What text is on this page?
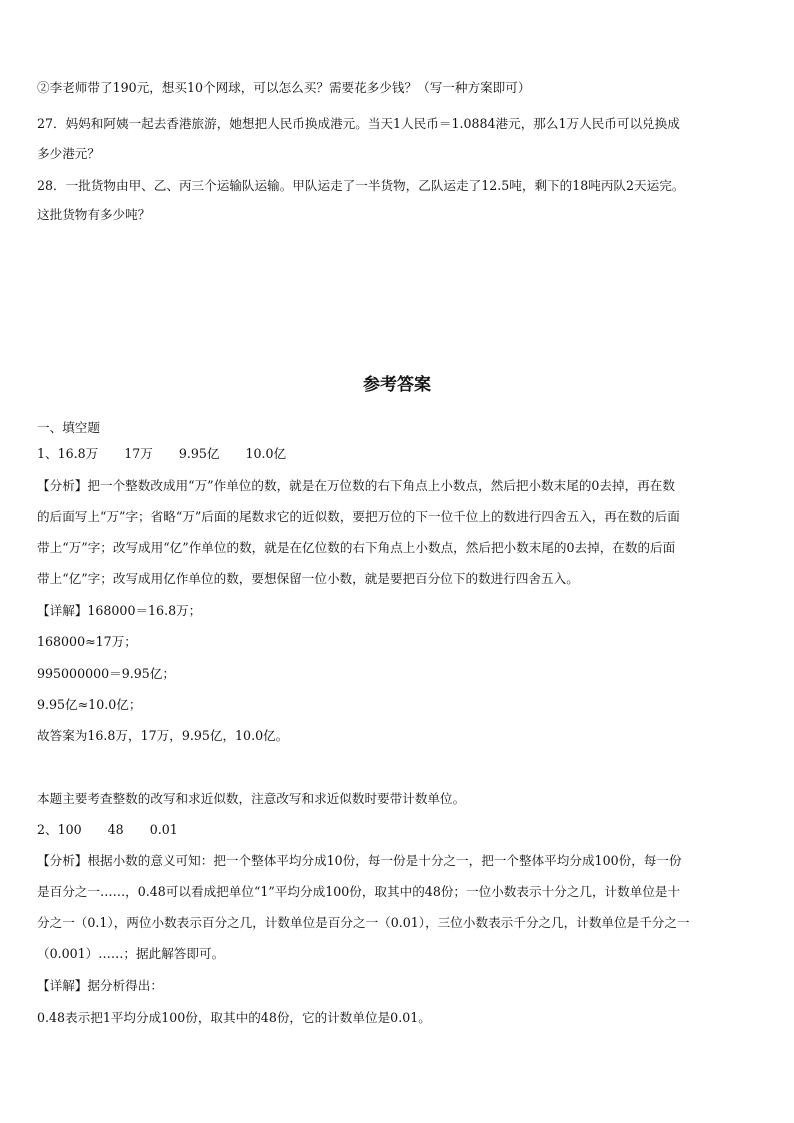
②李老师带了190元，想买10个网球，可以怎么买？需要花多少钱？（写一种方案即可）
27．妈妈和阿姨一起去香港旅游，她想把人民币换成港元。当天1人民币＝1.0884港元，那么1万人民币可以兑换成
多少港元？
28．一批货物由甲、乙、丙三个运输队运输。甲队运走了一半货物，乙队运走了12.5吨，剩下的18吨丙队2天运完。
这批货物有多少吨？
参考答案
一、填空题
1、16.8万 17万 9.95亿 10.0亿
【分析】把一个整数改成用“万”作单位的数，就是在万位数的右下角点上小数点，然后把小数末尾的0去掉，再在数
的后面写上“万”字；省略“万”后面的尾数求它的近似数，要把万位的下一位千位上的数进行四舍五入，再在数的后面
带上“万”字；改写成用“亿”作单位的数，就是在亿位数的右下角点上小数点，然后把小数末尾的0去掉，在数的后面
带上“亿”字；改写成用亿作单位的数，要想保留一位小数，就是要把百分位下的数进行四舍五入。
【详解】168000＝16.8万；
168000≈17万；
995000000＝9.95亿；
9.95亿≈10.0亿；
故答案为16.8万，17万，9.95亿，10.0亿。
本题主要考查整数的改写和求近似数，注意改写和求近似数时要带计数单位。
2、100 48 0.01
【分析】根据小数的意义可知：把一个整体平均分成10份，每一份是十分之一，把一个整体平均分成100份，每一份
是百分之一……，0.48可以看成把单位“1”平均分成100份，取其中的48份；一位小数表示十分之几，计数单位是十
分之一（0.1），两位小数表示百分之几，计数单位是百分之一（0.01），三位小数表示千分之几，计数单位是千分之一
（0.001）……；据此解答即可。
【详解】据分析得出：
0.48表示把1平均分成100份，取其中的48份，它的计数单位是0.01。
